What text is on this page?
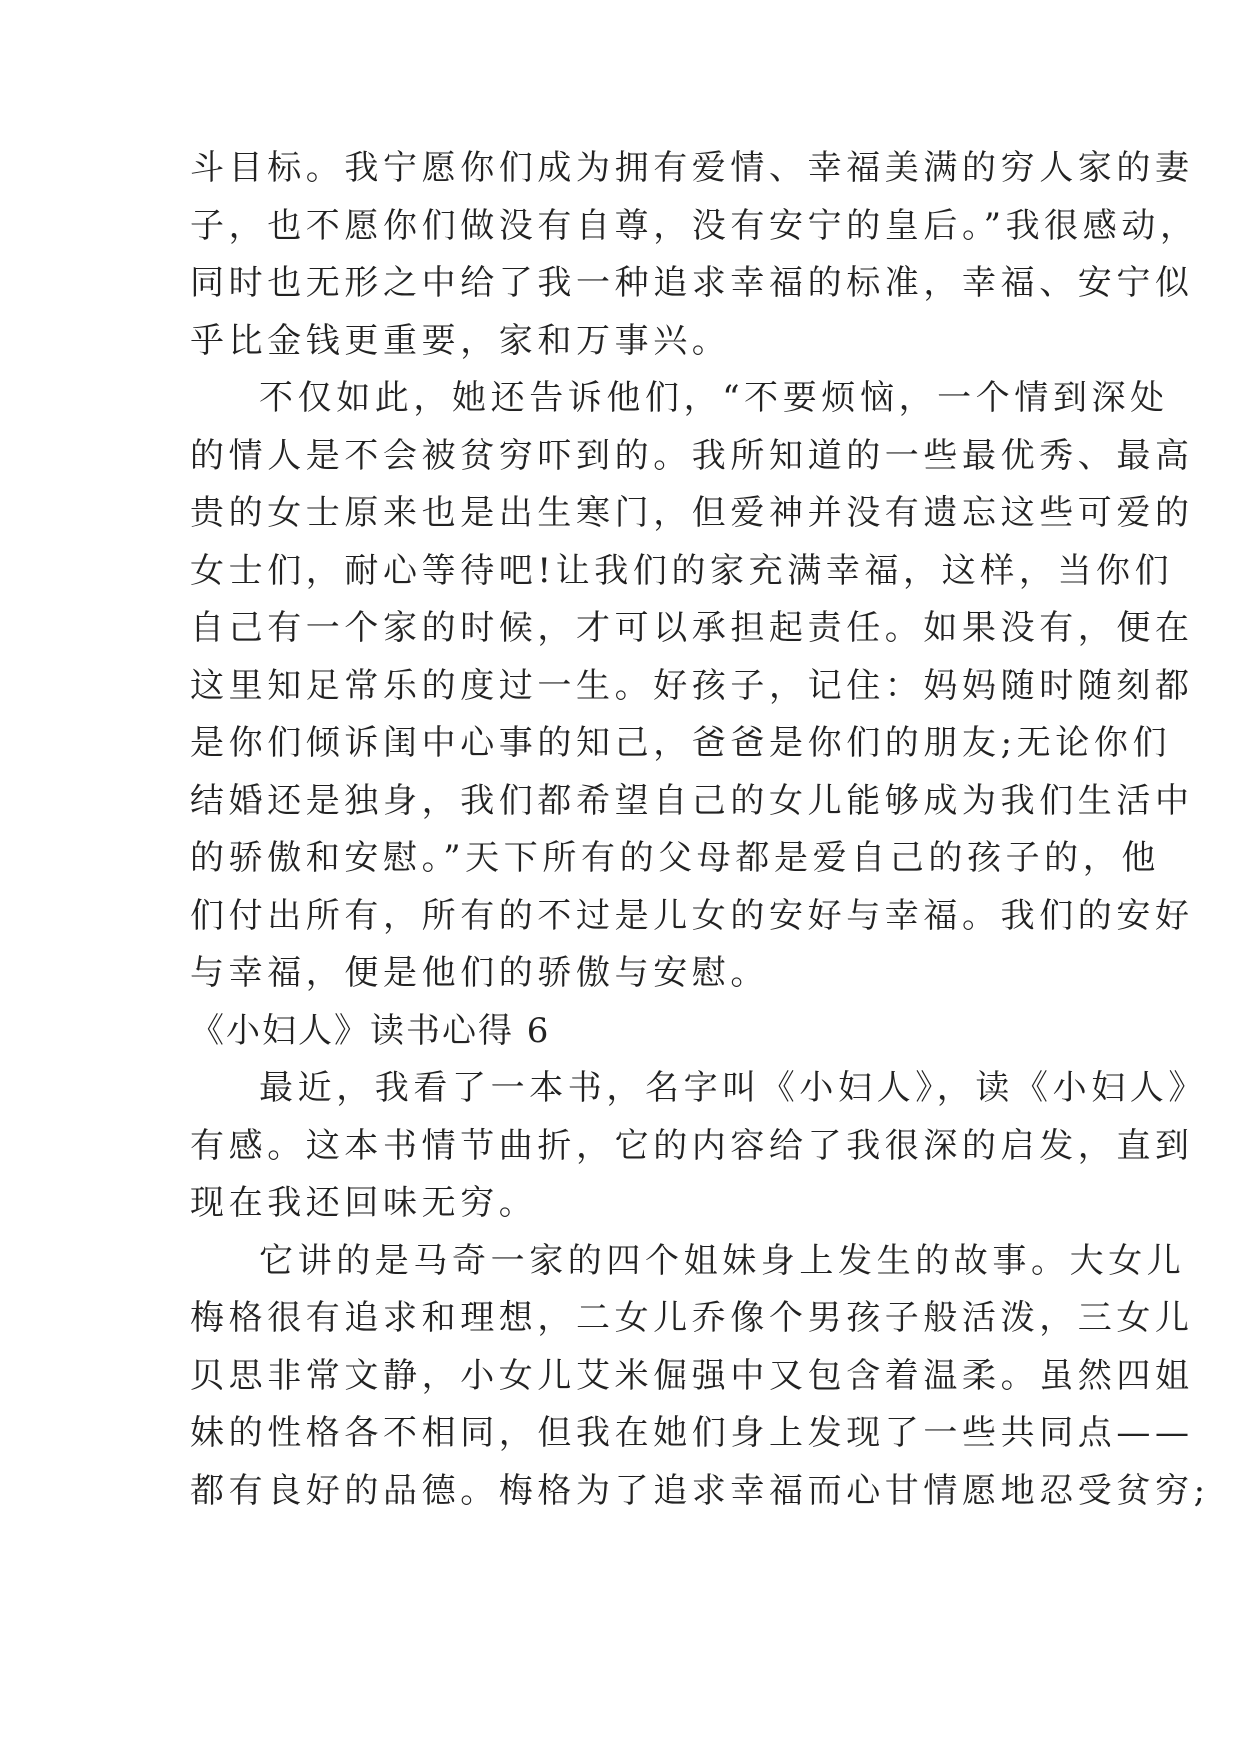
斗目标。我宁愿你们成为拥有爱情、幸福美满的穷人家的妻
子，也不愿你们做没有自尊，没有安宁的皇后。”我很感动，
同时也无形之中给了我一种追求幸福的标准，幸福、安宁似
乎比金钱更重要，家和万事兴。
不仅如此，她还告诉他们，“不要烦恼，一个情到深处
的情人是不会被贫穷吓到的。我所知道的一些最优秀、最高
贵的女士原来也是出生寒门，但爱神并没有遗忘这些可爱的
女士们，耐心等待吧!让我们的家充满幸福，这样，当你们
自己有一个家的时候，才可以承担起责任。如果没有，便在
这里知足常乐的度过一生。好孩子，记住：妈妈随时随刻都
是你们倾诉闺中心事的知己，爸爸是你们的朋友;无论你们
结婚还是独身，我们都希望自己的女儿能够成为我们生活中
的骄傲和安慰。”天下所有的父母都是爱自己的孩子的，他
们付出所有，所有的不过是儿女的安好与幸福。我们的安好
与幸福，便是他们的骄傲与安慰。
《小妇人》读书心得 6
最近，我看了一本书，名字叫《小妇人》，读《小妇人》
有感。这本书情节曲折，它的内容给了我很深的启发，直到
现在我还回味无穷。
它讲的是马奇一家的四个姐妹身上发生的故事。大女儿
梅格很有追求和理想，二女儿乔像个男孩子般活泼，三女儿
贝思非常文静，小女儿艾米倔强中又包含着温柔。虽然四姐
妹的性格各不相同，但我在她们身上发现了一些共同点——
都有良好的品德。梅格为了追求幸福而心甘情愿地忍受贫穷;
